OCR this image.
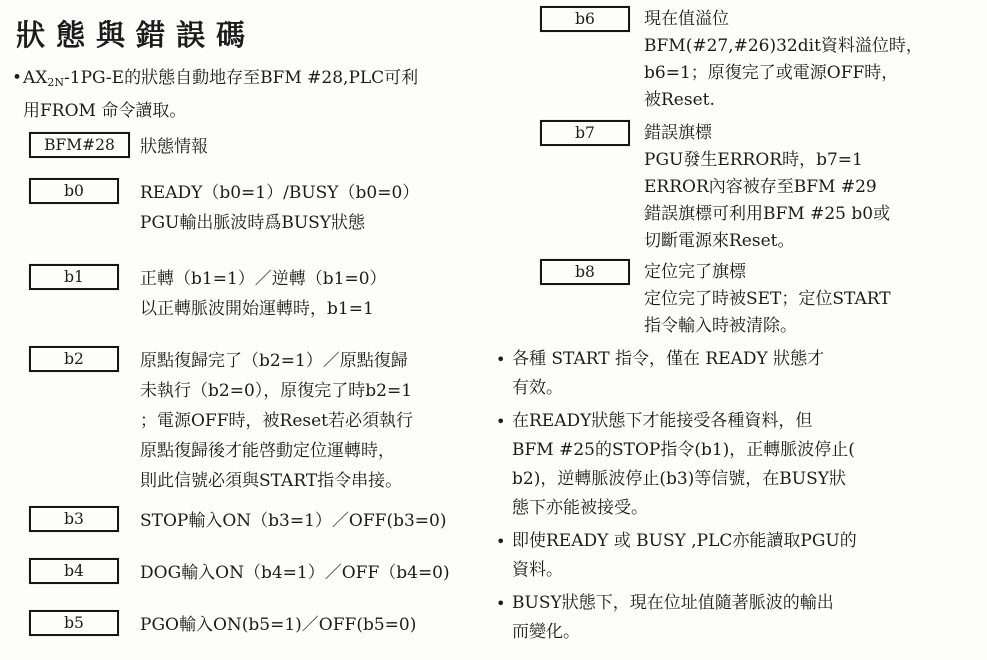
狀態與錯誤碼
• $AX_{2N}-1PG-E$的狀態自動地存至BFM #28,PLC可利
用FROM 命令讀取。
BFM#28	狀態情報
b0	READY（b0=1）/BUSY（b0=0）
PGU輸出脈波時爲BUSY狀態
b1	正轉（b1=1）／逆轉（b1=0）
以正轉脈波開始運轉時，b1=1
b2	原點復歸完了（b2=1）／原點復歸
未執行（b2=0），原復完了時b2=1
；電源OFF時，被Reset若必須執行
原點復歸後才能啓動定位運轉時，
則此信號必須與START指令串接。
b3	STOP輸入ON（b3=1）／OFF(b3=0)
b4	DOG輸入ON（b4=1）／OFF（b4=0)
b5	PGO輸入ON(b5=1)／OFF(b5=0)
b6	現在值溢位
BFM(#27,#26)32dit資料溢位時，
b6=1；原復完了或電源OFF時，
被Reset.
b7	錯誤旗標
PGU發生ERROR時，b7=1
ERROR內容被存至BFM #29
錯誤旗標可利用BFM #25 b0或
切斷電源來Reset。
b8	定位完了旗標
定位完了時被SET；定位START
指令輸入時被清除。
• 各種 START 指令，僅在 READY 狀態才
有效。
• 在READY狀態下才能接受各種資料，但
BFM #25的STOP指令(b1)，正轉脈波停止(
b2)，逆轉脈波停止(b3)等信號，在BUSY狀
態下亦能被接受。
• 即使READY 或 BUSY ,PLC亦能讀取PGU的
資料。
• BUSY狀態下，現在位址值隨著脈波的輸出
而變化。
